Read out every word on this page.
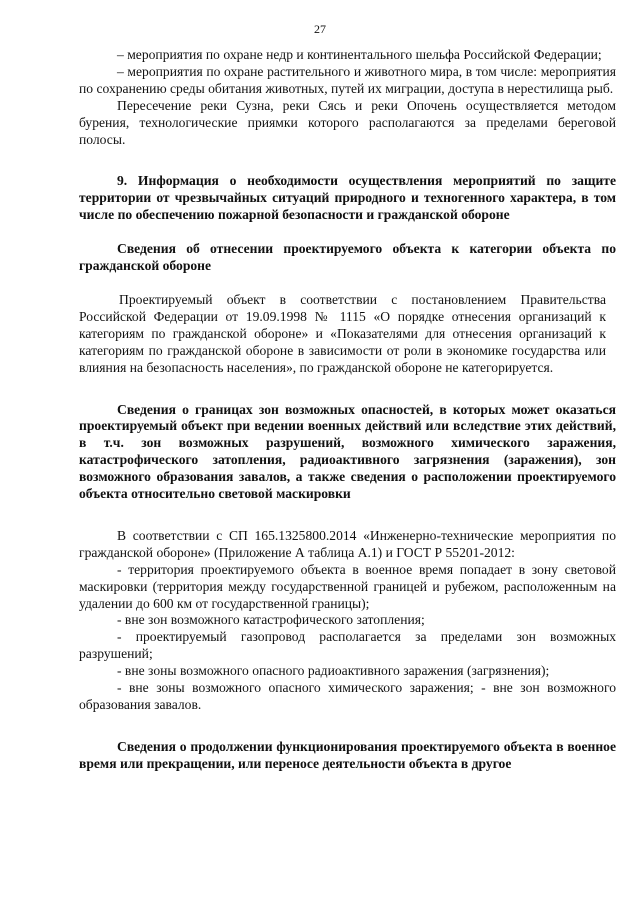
27

– мероприятия по охране недр и континентального шельфа Российской Федерации;

– мероприятия по охране растительного и животного мира, в том числе: мероприятия по сохранению среды обитания животных, путей их миграции, доступа в нерестилища рыб.

Пересечение реки Сузна, реки Сясь и реки Опочень осуществляется методом бурения, технологические приямки которого располагаются за пределами береговой полосы.

9. Информация о необходимости осуществления мероприятий по защите территории от чрезвычайных ситуаций природного и техногенного характера, в том числе по обеспечению пожарной безопасности и гражданской обороне

Сведения об отнесении проектируемого объекта к категории объекта по гражданской обороне

Проектируемый объект в соответствии с постановлением Правительства Российской Федерации от 19.09.1998 № 1115 «О порядке отнесения организаций к категориям по гражданской обороне» и «Показателями для отнесения организаций к категориям по гражданской обороне в зависимости от роли в экономике государства или влияния на безопасность населения», по гражданской обороне не категорируется.

Сведения о границах зон возможных опасностей, в которых может оказаться проектируемый объект при ведении военных действий или вследствие этих действий, в т.ч. зон возможных разрушений, возможного химического заражения, катастрофического затопления, радиоактивного загрязнения (заражения), зон возможного образования завалов, а также сведения о расположении проектируемого объекта относительно световой маскировки

В соответствии с СП 165.1325800.2014 «Инженерно-технические мероприятия по гражданской обороне» (Приложение А таблица А.1) и ГОСТ Р 55201-2012:

- территория проектируемого объекта в военное время попадает в зону световой маскировки (территория между государственной границей и рубежом, расположенным на удалении до 600 км от государственной границы);

- вне зон возможного катастрофического затопления;

- проектируемый газопровод располагается за пределами зон возможных разрушений;

- вне зоны возможного опасного радиоактивного заражения (загрязнения);

- вне зоны возможного опасного химического заражения; - вне зон возможного образования завалов.

Сведения о продолжении функционирования проектируемого объекта в военное время или прекращении, или переносе деятельности объекта в другое
